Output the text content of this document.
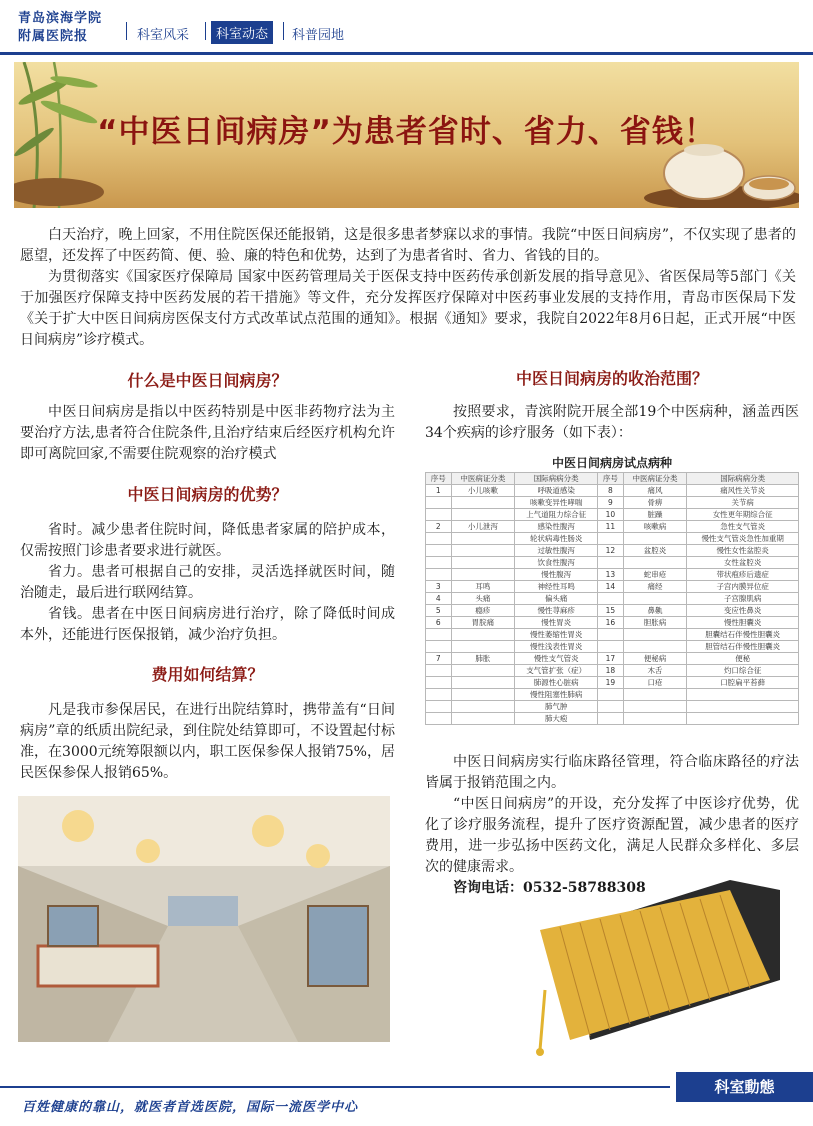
青岛滨海学院
附属医院报	科室风采	科室动态	科普园地
“中医日间病房”为患者省时、省力、省钱！
白天治疗，晚上回家，不用住院医保还能报销，这是很多患者梦寐以求的事情。我院“中医日间病房”，不仅实现了患者的愿望，还发挥了中医药简、便、验、廉的特色和优势，达到了为患者省时、省力、省钱的目的。
为贯彻落实《国家医疗保障局 国家中医药管理局关于医保支持中医药传承创新发展的指导意见》、省医保局等5部门《关于加强医疗保障支持中医药发展的若干措施》等文件，充分发挥医疗保障对中医药事业发展的支持作用，青岛市医保局下发《关于扩大中医日间病房医保支付方式改革试点范围的通知》。根据《通知》要求，我院自2022年8月6日起，正式开展“中医日间病房”诊疗模式。
什么是中医日间病房？
中医日间病房是指以中医药特别是中医非药物疗法为主要治疗方法,患者符合住院条件,且治疗结束后经医疗机构允许即可离院回家,不需要住院观察的治疗模式
中医日间病房的优势？
省时。减少患者住院时间，降低患者家属的陪护成本，仅需按照门诊患者要求进行就医。
省力。患者可根据自己的安排，灵活选择就医时间，随治随走，最后进行联网结算。
省钱。患者在中医日间病房进行治疗，除了降低时间成本外，还能进行医保报销，减少治疗负担。
费用如何结算？
凡是我市参保居民，在进行出院结算时，携带盖有“日间病房”章的纸质出院纪录，到住院处结算即可，不设置起付标准，在3000元统筹限额以内，职工医保参保人报销75%，居民医保参保人报销65%。
中医日间病房的收治范围？
按照要求，青滨附院开展全部19个中医病种，涵盖西医34个疾病的诊疗服务（如下表）：
中医日间病房试点病种					
序号	中医病证分类	国际病病分类	序号	中医病证分类	国际病病分类
1	小儿咳嗽	呼吸道感染	8	痛风	痛风性关节炎
		咳嗽变异性哮喘	9	骨痹	关节病
		上气道阻力综合征	10	脏躁	女性更年期综合征
2	小儿泄泻	感染性腹泻	11	咳嗽病	急性支气管炎
		轮状病毒性肠炎			慢性支气管炎急性加重期
		过敏性腹泻	12	盆腔炎	慢性女性盆腔炎
		饮食性腹泻			女性盆腔炎
		慢性腹泻	13	蛇串疮	带状疱疹后遗症
3	耳鸣	神经性耳鸣	14	痛经	子宫内膜异位症
4	头痛	偏头痛			子宫腺肌病
5	瘾疹	慢性荨麻疹	15	鼻鼽	变应性鼻炎
6	胃脘痛	慢性胃炎	16	胆胀病	慢性胆囊炎
		慢性萎缩性胃炎			胆囊结石伴慢性胆囊炎
		慢性浅表性胃炎			胆管结石伴慢性胆囊炎
7	肺胀	慢性支气管炎	17	便秘病	便秘
		支气管扩张（症）	18	木舌	灼口综合征
		肺源性心脏病	19	口疮	口腔扁平苔藓
		慢性阻塞性肺病			
		肺气肿			
		肺大疱			
中医日间病房实行临床路径管理，符合临床路径的疗法皆属于报销范围之内。
“中医日间病房”的开设，充分发挥了中医诊疗优势，优化了诊疗服务流程，提升了医疗资源配置，减少患者的医疗费用，进一步弘扬中医药文化，满足人民群众多样化、多层次的健康需求。
咨询电话：0532-58788308
科室動態
百姓健康的靠山，就医者首选医院，国际一流医学中心
